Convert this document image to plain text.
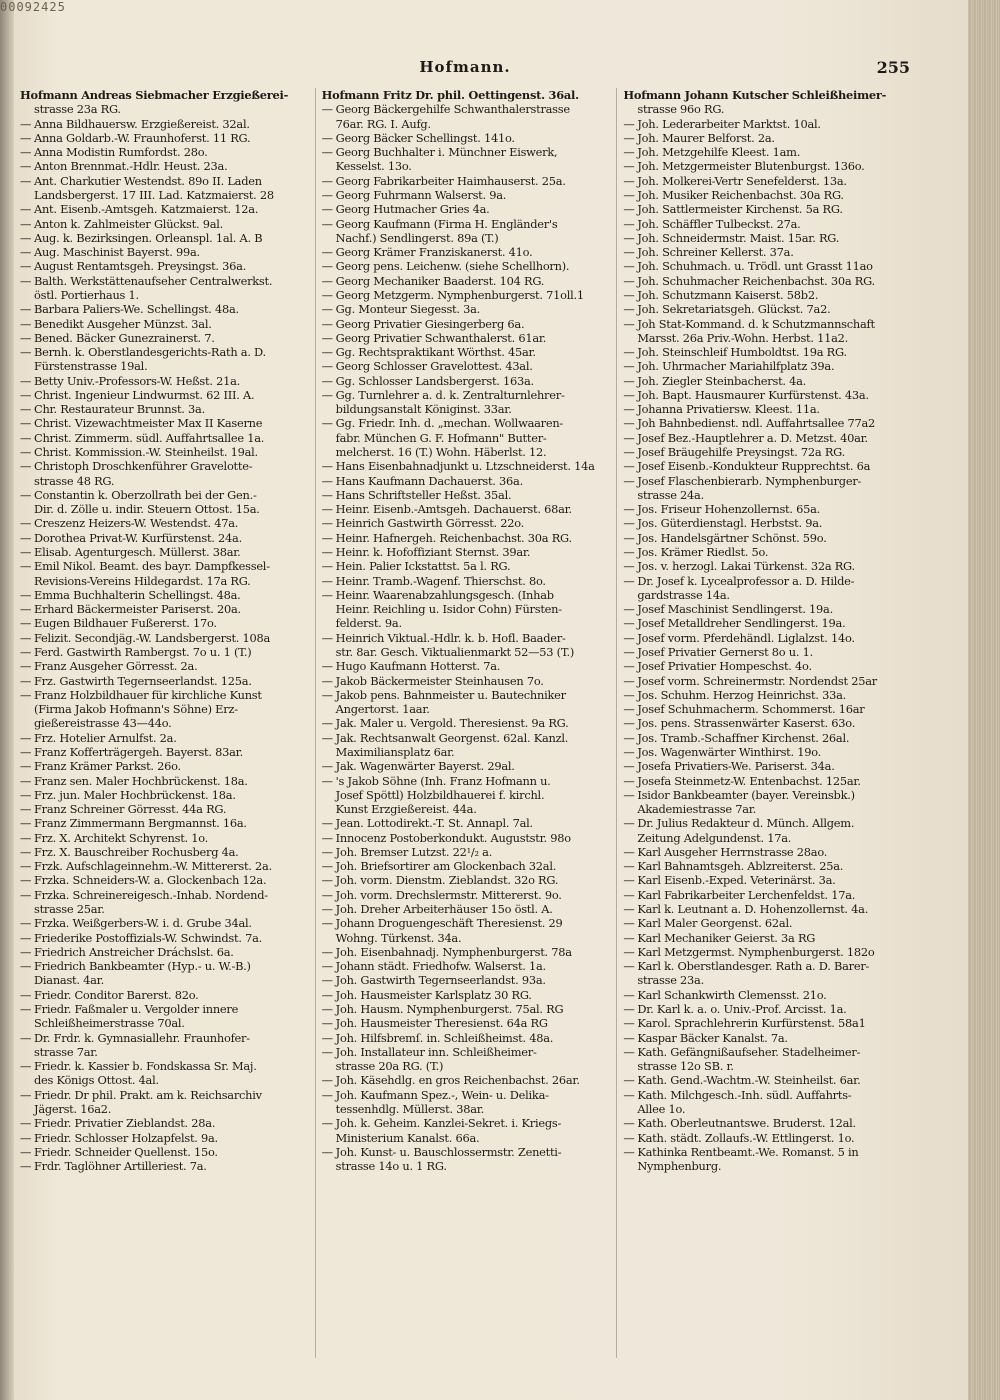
00092425
Hofmann.	255
Hofmann Andreas Siebmacher Erzgießerei-
strasse 23a RG.
— Anna Bildhauersw. Erzgießereist. 32al.
— Anna Goldarb.-W. Fraunhoferst. 11 RG.
— Anna Modistin Rumfordst. 28o.
— Anton Brennmat.-Hdlr. Heust. 23a.
— Ant. Charkutier Westendst. 89o II. Laden
Landsbergerst. 17 III. Lad. Katzmaierst. 28
— Ant. Eisenb.-Amtsgeh. Katzmaierst. 12a.
— Anton k. Zahlmeister Glückst. 9al.
— Aug. k. Bezirksingen. Orleanspl. 1al. A. B
— Aug. Maschinist Bayerst. 99a.
— August Rentamtsgeh. Preysingst. 36a.
— Balth. Werkstättenaufseher Centralwerkst.
östl. Portierhaus 1.
— Barbara Paliers-We. Schellingst. 48a.
— Benedikt Ausgeher Münzst. 3al.
— Bened. Bäcker Gunezrainerst. 7.
— Bernh. k. Oberstlandesgerichts-Rath a. D.
Fürstenstrasse 19al.
— Betty Univ.-Professors-W. Heßst. 21a.
— Christ. Ingenieur Lindwurmst. 62 III. A.
— Chr. Restaurateur Brunnst. 3a.
— Christ. Vizewachtmeister Max II Kaserne
— Christ. Zimmerm. südl. Auffahrtsallee 1a.
— Christ. Kommission.-W. Steinheilst. 19al.
— Christoph Droschkenführer Gravelotte-
strasse 48 RG.
— Constantin k. Oberzollrath bei der Gen.-
Dir. d. Zölle u. indir. Steuern Ottost. 15a.
— Creszenz Heizers-W. Westendst. 47a.
— Dorothea Privat-W. Kurfürstenst. 24a.
— Elisab. Agenturgesch. Müllerst. 38ar.
— Emil Nikol. Beamt. des bayr. Dampfkessel-
Revisions-Vereins Hildegardst. 17a RG.
— Emma Buchhalterin Schellingst. 48a.
— Erhard Bäckermeister Pariserst. 20a.
— Eugen Bildhauer Fußererst. 17o.
— Felizit. Secondjäg.-W. Landsbergerst. 108a
— Ferd. Gastwirth Rambergst. 7o u. 1 (T.)
— Franz Ausgeher Görresst. 2a.
— Frz. Gastwirth Tegernseerlandst. 125a.
— Franz Holzbildhauer für kirchliche Kunst
(Firma Jakob Hofmann's Söhne) Erz-
gießereistrasse 43—44o.
— Frz. Hotelier Arnulfst. 2a.
— Franz Kofferträgergeh. Bayerst. 83ar.
— Franz Krämer Parkst. 26o.
— Franz sen. Maler Hochbrückenst. 18a.
— Frz. jun. Maler Hochbrückenst. 18a.
— Franz Schreiner Görresst. 44a RG.
— Franz Zimmermann Bergmannst. 16a.
— Frz. X. Architekt Schyrenst. 1o.
— Frz. X. Bauschreiber Rochusberg 4a.
— Frzk. Aufschlageinnehm.-W. Mittererst. 2a.
— Frzka. Schneiders-W. a. Glockenbach 12a.
— Frzka. Schreinereigesch.-Inhab. Nordend-
strasse 25ar.
— Frzka. Weißgerbers-W. i. d. Grube 34al.
— Friederike Postoffizials-W. Schwindst. 7a.
— Friedrich Anstreicher Dráchslst. 6a.
— Friedrich Bankbeamter (Hyp.- u. W.-B.)
Dianast. 4ar.
— Friedr. Conditor Barerst. 82o.
— Friedr. Faßmaler u. Vergolder innere
Schleißheimerstrasse 70al.
— Dr. Frdr. k. Gymnasiallehr. Fraunhofer-
strasse 7ar.
— Friedr. k. Kassier b. Fondskassa Sr. Maj.
des Königs Ottost. 4al.
— Friedr. Dr phil. Prakt. am k. Reichsarchiv
Jägerst. 16a2.
— Friedr. Privatier Zieblandst. 28a.
— Friedr. Schlosser Holzapfelst. 9a.
— Friedr. Schneider Quellenst. 15o.
— Frdr. Taglöhner Artilleriest. 7a.
Hofmann Fritz Dr. phil. Oettingenst. 36al.
— Georg Bäckergehilfe Schwanthalerstrasse
76ar. RG. I. Aufg.
— Georg Bäcker Schellingst. 141o.
— Georg Buchhalter i. Münchner Eiswerk,
Kesselst. 13o.
— Georg Fabrikarbeiter Haimhauserst. 25a.
— Georg Fuhrmann Walserst. 9a.
— Georg Hutmacher Gries 4a.
— Georg Kaufmann (Firma H. Engländer's
Nachf.) Sendlingerst. 89a (T.)
— Georg Krämer Franziskanerst. 41o.
— Georg pens. Leichenw. (siehe Schellhorn).
— Georg Mechaniker Baaderst. 104 RG.
— Georg Metzgerm. Nymphenburgerst. 71oll.1
— Gg. Monteur Siegesst. 3a.
— Georg Privatier Giesingerberg 6a.
— Georg Privatier Schwanthalerst. 61ar.
— Gg. Rechtspraktikant Wörthst. 45ar.
— Georg Schlosser Gravelottest. 43al.
— Gg. Schlosser Landsbergerst. 163a.
— Gg. Turnlehrer a. d. k. Zentralturnlehrer-
bildungsanstalt Königinst. 33ar.
— Gg. Friedr. Inh. d. „mechan. Wollwaaren-
fabr. München G. F. Hofmann" Butter-
melcherst. 16 (T.) Wohn. Häberlst. 12.
— Hans Eisenbahnadjunkt u. Ltzschneiderst. 14a
— Hans Kaufmann Dachauerst. 36a.
— Hans Schriftsteller Heßst. 35al.
— Heinr. Eisenb.-Amtsgeh. Dachauerst. 68ar.
— Heinrich Gastwirth Görresst. 22o.
— Heinr. Hafnergeh. Reichenbachst. 30a RG.
— Heinr. k. Hofoffiziant Sternst. 39ar.
— Hein. Palier Ickstattst. 5a l. RG.
— Heinr. Tramb.-Wagenf. Thierschst. 8o.
— Heinr. Waarenabzahlungsgesch. (Inhab
Heinr. Reichling u. Isidor Cohn) Fürsten-
felderst. 9a.
— Heinrich Viktual.-Hdlr. k. b. Hofl. Baader-
str. 8ar. Gesch. Viktualienmarkt 52—53 (T.)
— Hugo Kaufmann Hotterst. 7a.
— Jakob Bäckermeister Steinhausen 7o.
— Jakob pens. Bahnmeister u. Bautechniker
Angertorst. 1aar.
— Jak. Maler u. Vergold. Theresienst. 9a RG.
— Jak. Rechtsanwalt Georgenst. 62al. Kanzl.
Maximiliansplatz 6ar.
— Jak. Wagenwärter Bayerst. 29al.
— 's Jakob Söhne (Inh. Franz Hofmann u.
Josef Spöttl) Holzbildhauerei f. kirchl.
Kunst Erzgießereist. 44a.
— Jean. Lottodirekt.-T. St. Annapl. 7al.
— Innocenz Postoberkondukt. Auguststr. 98o
— Joh. Bremser Lutzst. 22¹/₂ a.
— Joh. Briefsortirer am Glockenbach 32al.
— Joh. vorm. Dienstm. Zieblandst. 32o RG.
— Joh. vorm. Drechslermstr. Mittererst. 9o.
— Joh. Dreher Arbeiterhäuser 15o östl. A.
— Johann Droguengeschäft Theresienst. 29
Wohng. Türkenst. 34a.
— Joh. Eisenbahnadj. Nymphenburgerst. 78a
— Johann städt. Friedhofw. Walserst. 1a.
— Joh. Gastwirth Tegernseerlandst. 93a.
— Joh. Hausmeister Karlsplatz 30 RG.
— Joh. Hausm. Nymphenburgerst. 75al. RG
— Joh. Hausmeister Theresienst. 64a RG
— Joh. Hilfsbremſ. in. Schleißheimst. 48a.
— Joh. Installateur inn. Schleißheimer-
strasse 20a RG. (T.)
— Joh. Käsehdlg. en gros Reichenbachst. 26ar.
— Joh. Kaufmann Spez.-, Wein- u. Delika-
tessenhdlg. Müllerst. 38ar.
— Joh. k. Geheim. Kanzlei-Sekret. i. Kriegs-
Ministerium Kanalst. 66a.
— Joh. Kunst- u. Bauschlossermstr. Zenetti-
strasse 14o u. 1 RG.
Hofmann Johann Kutscher Schleißheimer-
strasse 96o RG.
— Joh. Lederarbeiter Marktst. 10al.
— Joh. Maurer Belforst. 2a.
— Joh. Metzgehilfe Kleest. 1am.
— Joh. Metzgermeister Blutenburgst. 136o.
— Joh. Molkerei-Vertr Senefelderst. 13a.
— Joh. Musiker Reichenbachst. 30a RG.
— Joh. Sattlermeister Kirchenst. 5a RG.
— Joh. Schäffler Tulbeckst. 27a.
— Joh. Schneidermstr. Maist. 15ar. RG.
— Joh. Schreiner Kellerst. 37a.
— Joh. Schuhmach. u. Trödl. unt Grasst 11ao
— Joh. Schuhmacher Reichenbachst. 30a RG.
— Joh. Schutzmann Kaiserst. 58b2.
— Joh. Sekretariatsgeh. Glückst. 7a2.
— Joh Stat-Kommand. d. k Schutzmannschaft
Marsst. 26a Priv.-Wohn. Herbst. 11a2.
— Joh. Steinschleif Humboldtst. 19a RG.
— Joh. Uhrmacher Mariahilfplatz 39a.
— Joh. Ziegler Steinbacherst. 4a.
— Joh. Bapt. Hausmaurer Kurfürstenst. 43a.
— Johanna Privatiersw. Kleest. 11a.
— Joh Bahnbedienst. ndl. Auffahrtsallee 77a2
— Josef Bez.-Hauptlehrer a. D. Metzst. 40ar.
— Josef Bräugehilfe Preysingst. 72a RG.
— Josef Eisenb.-Kondukteur Rupprechtst. 6a
— Josef Flaschenbierarb. Nymphenburger-
strasse 24a.
— Jos. Friseur Hohenzollernst. 65a.
— Jos. Güterdienstagl. Herbstst. 9a.
— Jos. Handelsgärtner Schönst. 59o.
— Jos. Krämer Riedlst. 5o.
— Jos. v. herzogl. Lakai Türkenst. 32a RG.
— Dr. Josef k. Lycealprofessor a. D. Hilde-
gardstrasse 14a.
— Josef Maschinist Sendlingerst. 19a.
— Josef Metalldreher Sendlingerst. 19a.
— Josef vorm. Pferdehändl. Liglalzst. 14o.
— Josef Privatier Gernerst 8o u. 1.
— Josef Privatier Hompeschst. 4o.
— Josef vorm. Schreinermstr. Nordendst 25ar
— Jos. Schuhm. Herzog Heinrichst. 33a.
— Josef Schuhmacherm. Schommerst. 16ar
— Jos. pens. Strassenwärter Kaserst. 63o.
— Jos. Tramb.-Schaffner Kirchenst. 26al.
— Jos. Wagenwärter Winthirst. 19o.
— Josefa Privatiers-We. Pariserst. 34a.
— Josefa Steinmetz-W. Entenbachst. 125ar.
— Isidor Bankbeamter (bayer. Vereinsbk.)
Akademiestrasse 7ar.
— Dr. Julius Redakteur d. Münch. Allgem.
Zeitung Adelgundenst. 17a.
— Karl Ausgeher Herrnstrasse 28ao.
— Karl Bahnamtsgeh. Ablzreiterst. 25a.
— Karl Eisenb.-Exped. Veterinärst. 3a.
— Karl Fabrikarbeiter Lerchenfeldst. 17a.
— Karl k. Leutnant a. D. Hohenzollernst. 4a.
— Karl Maler Georgenst. 62al.
— Karl Mechaniker Geierst. 3a RG
— Karl Metzgermst. Nymphenburgerst. 182o
— Karl k. Oberstlandesger. Rath a. D. Barer-
strasse 23a.
— Karl Schankwirth Clemensst. 21o.
— Dr. Karl k. a. o. Univ.-Prof. Arcisst. 1a.
— Karol. Sprachlehrerin Kurfürstenst. 58a1
— Kaspar Bäcker Kanalst. 7a.
— Kath. Gefängnißaufseher. Stadelheimer-
strasse 12o SB. r.
— Kath. Gend.-Wachtm.-W. Steinheilst. 6ar.
— Kath. Milchgesch.-Inh. südl. Auffahrts-
Allee 1o.
— Kath. Oberleutnantswe. Bruderst. 12al.
— Kath. städt. Zollaufs.-W. Ettlingerst. 1o.
— Kathinka Rentbeamt.-We. Romanst. 5 in
Nymphenburg.
